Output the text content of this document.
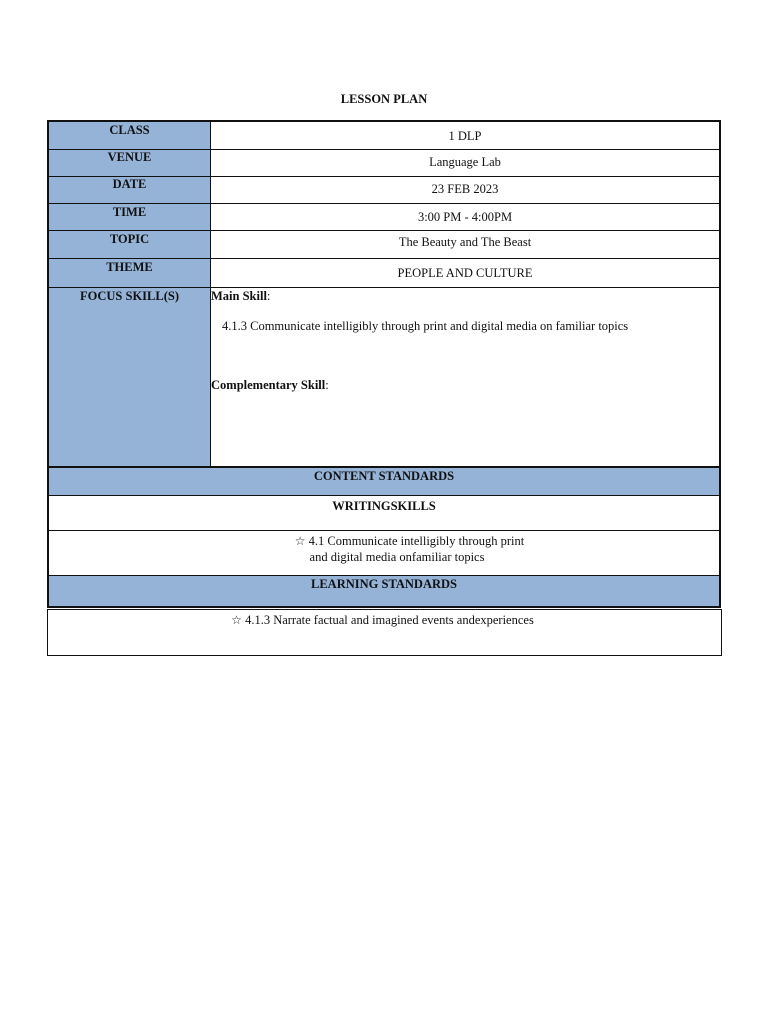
LESSON PLAN
CLASS	1 DLP
VENUE	Language Lab
DATE	23 FEB 2023
TIME	3:00 PM - 4:00PM
TOPIC	The Beauty and The Beast
THEME	PEOPLE AND CULTURE
FOCUS SKILL(S)	Main Skill:
4.1.3 Communicate intelligibly through print and digital media on familiar topics
Complementary Skill:
CONTENT STANDARDS
WRITINGSKILLS
☆ 4.1 Communicate intelligibly through print
and digital media onfamiliar topics
LEARNING STANDARDS
☆ 4.1.3 Narrate factual and imagined events andexperiences
